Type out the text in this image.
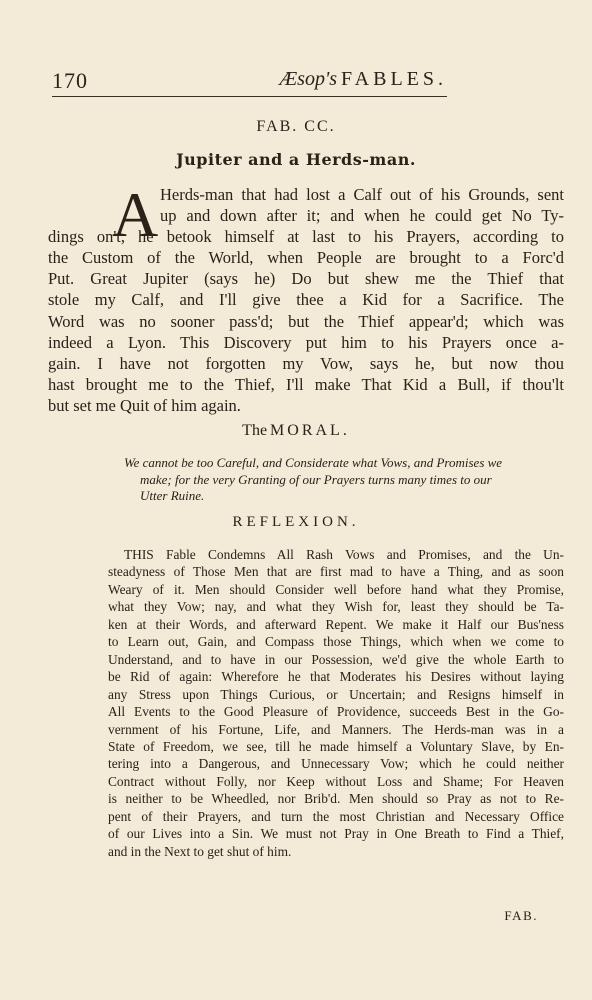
170	Æsop's FABLES.
FAB. CC.
Jupiter and a Herds-man.
A Herds-man that had lost a Calf out of his Grounds, sent
up and down after it; and when he could get No Ty-
dings on't, he betook himself at last to his Prayers, according to
the Custom of the World, when People are brought to a Forc'd
Put. Great Jupiter (says he) Do but shew me the Thief that
stole my Calf, and I'll give thee a Kid for a Sacrifice. The
Word was no sooner pass'd; but the Thief appear'd; which was
indeed a Lyon. This Discovery put him to his Prayers once a-
gain. I have not forgotten my Vow, says he, but now thou
hast brought me to the Thief, I'll make That Kid a Bull, if thou'lt
but set me Quit of him again.
The MORAL.
We cannot be too Careful, and Considerate what Vows, and Promises we
make; for the very Granting of our Prayers turns many times to our
Utter Ruine.
REFLEXION.
THIS Fable Condemns All Rash Vows and Promises, and the Un-
steadyness of Those Men that are first mad to have a Thing, and as soon
Weary of it. Men should Consider well before hand what they Promise,
what they Vow; nay, and what they Wish for, least they should be Ta-
ken at their Words, and afterward Repent. We make it Half our Bus'ness
to Learn out, Gain, and Compass those Things, which when we come to
Understand, and to have in our Possession, we'd give the whole Earth to
be Rid of again: Wherefore he that Moderates his Desires without laying
any Stress upon Things Curious, or Uncertain; and Resigns himself in
All Events to the Good Pleasure of Providence, succeeds Best in the Go-
vernment of his Fortune, Life, and Manners. The Herds-man was in a
State of Freedom, we see, till he made himself a Voluntary Slave, by En-
tering into a Dangerous, and Unnecessary Vow; which he could neither
Contract without Folly, nor Keep without Loss and Shame; For Heaven
is neither to be Wheedled, nor Brib'd. Men should so Pray as not to Re-
pent of their Prayers, and turn the most Christian and Necessary Office
of our Lives into a Sin. We must not Pray in One Breath to Find a Thief,
and in the Next to get shut of him.
FAB.
